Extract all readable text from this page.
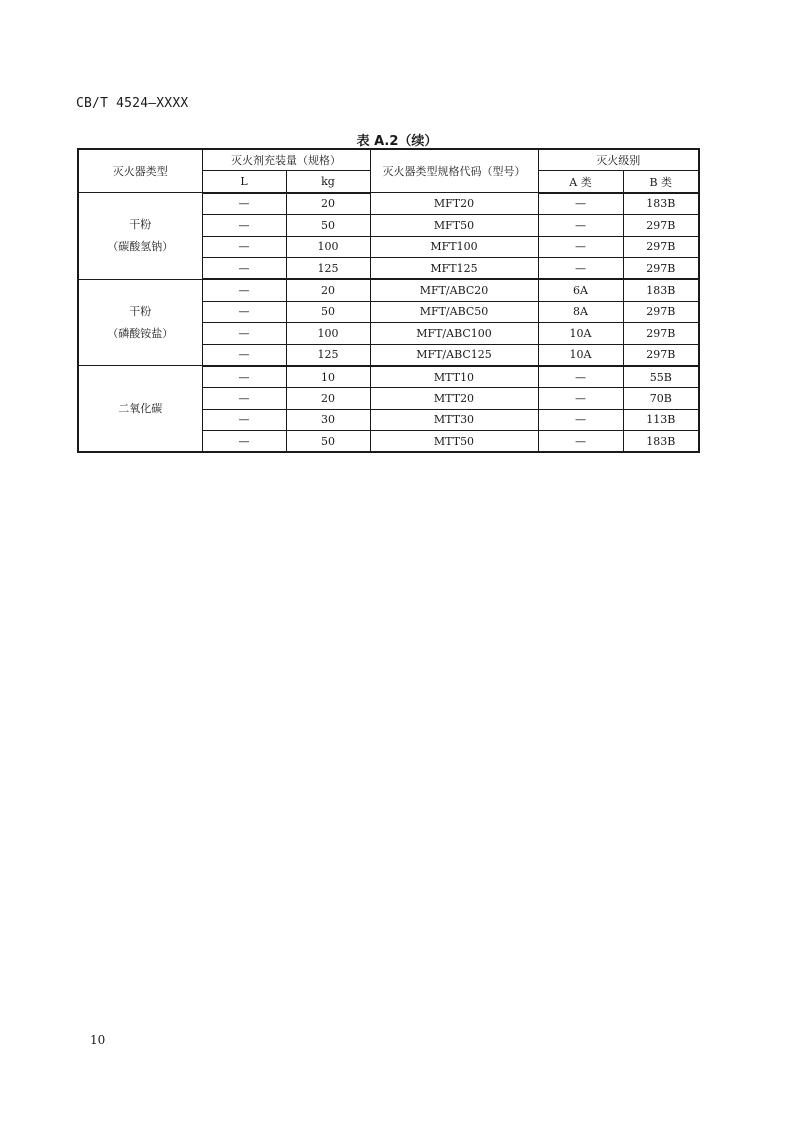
CB/T 4524—XXXX
表 A.2（续）
灭火器类型	灭火剂充装量（规格）		灭火器类型规格代码（型号）	灭火级别	
	L	kg		A 类	B 类

干粉
（碳酸氢钠）	—	20	MFT20	—	183B
	—	50	MFT50	—	297B
	—	100	MFT100	—	297B
	—	125	MFT125	—	297B

干粉
（磷酸铵盐）	—	20	MFT/ABC20	6A	183B
	—	50	MFT/ABC50	8A	297B
	—	100	MFT/ABC100	10A	297B
	—	125	MFT/ABC125	10A	297B

二氧化碳	—	10	MTT10	—	55B
	—	20	MTT20	—	70B
	—	30	MTT30	—	113B
	—	50	MTT50	—	183B
10
